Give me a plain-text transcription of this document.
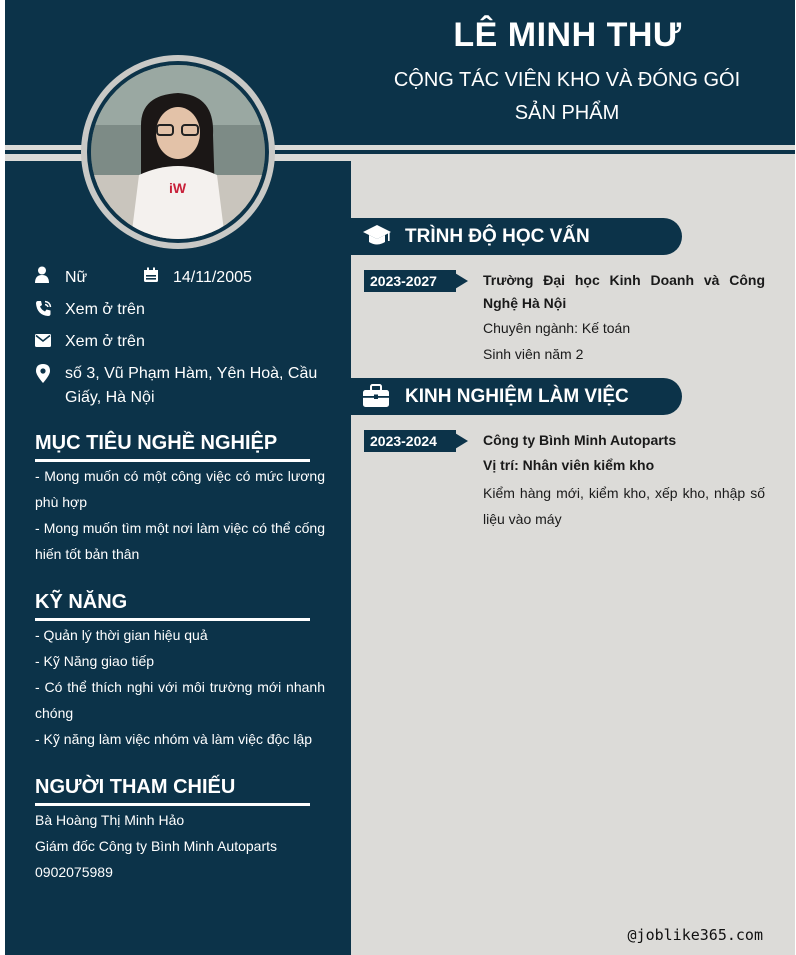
LÊ MINH THƯ
CỘNG TÁC VIÊN KHO VÀ ĐÓNG GÓI SẢN PHẨM
iW
Nữ	14/11/2005
Xem ở trên
Xem ở trên
số 3, Vũ Phạm Hàm, Yên Hoà, Cầu Giấy, Hà Nội
MỤC TIÊU NGHỀ NGHIỆP
- Mong muốn có một công việc có mức lương phù hợp
- Mong muốn tìm một nơi làm việc có thể cống hiến tốt bản thân
KỸ NĂNG
- Quản lý thời gian hiệu quả
- Kỹ Năng giao tiếp
- Có thể thích nghi với môi trường mới nhanh chóng
- Kỹ năng làm việc nhóm và làm việc độc lập
NGƯỜI THAM CHIẾU
Bà Hoàng Thị Minh Hảo
Giám đốc Công ty Bình Minh Autoparts
0902075989
TRÌNH ĐỘ HỌC VẤN
2023-2027	Trường Đại học Kinh Doanh và Công Nghệ Hà Nội
Chuyên ngành: Kế toán
Sinh viên năm 2
KINH NGHIỆM LÀM VIỆC
2023-2024	Công ty Bình Minh Autoparts
Vị trí: Nhân viên kiểm kho
Kiểm hàng mới, kiểm kho, xếp kho, nhập số liệu vào máy
@joblike365.com
